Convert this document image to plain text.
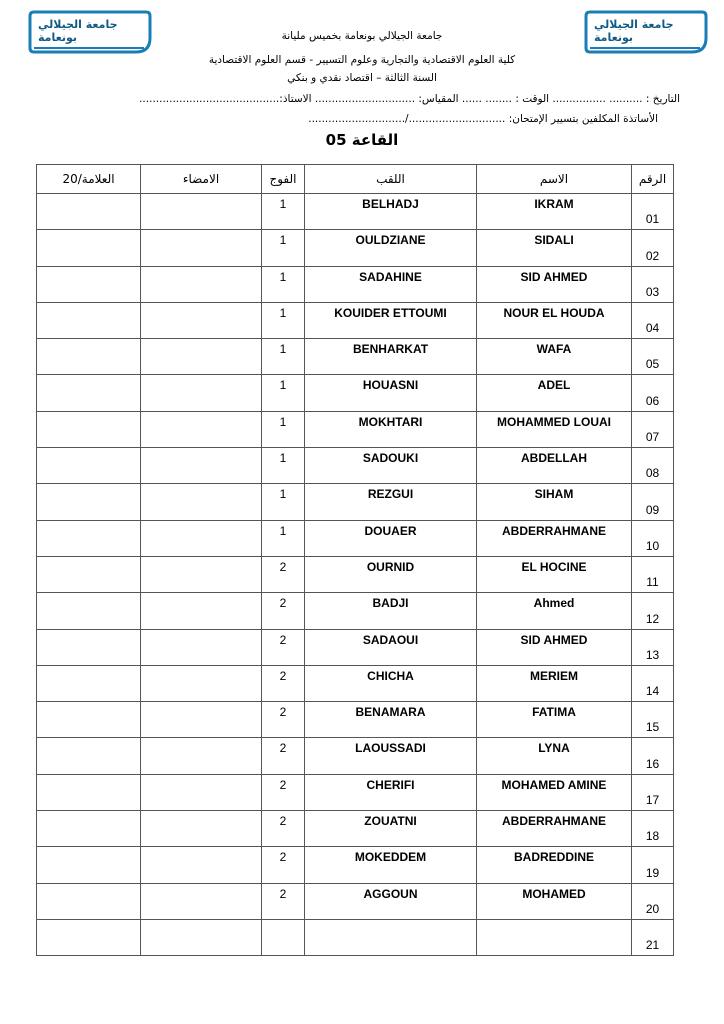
جامعة الجيلالي بونعامة
جامعة الجيلالي بونعامة
جامعة الجيلالي بونعامة بخميس مليانة
كلية العلوم الاقتصادية والتجارية وعلوم التسيير - قسم العلوم الاقتصادية
السنة الثالثة – اقتصاد نقدي و بنكي
التاريخ : .......... ................ الوقت : ........ ...... المقياس: .............................. الاستاذ:..........................................
الأساتذة المكلفين بتسيير الإمتحان: ............................./.............................
القاعة 05
الرقم	الاسم	اللقب	الفوج	الامضاء	العلامة/20
01	IKRAM	BELHADJ	1		
02	SIDALI	OULDZIANE	1		
03	SID AHMED	SADAHINE	1		
04	NOUR EL HOUDA	KOUIDER ETTOUMI	1		
05	WAFA	BENHARKAT	1		
06	ADEL	HOUASNI	1		
07	MOHAMMED LOUAI	MOKHTARI	1		
08	ABDELLAH	SADOUKI	1		
09	SIHAM	REZGUI	1		
10	ABDERRAHMANE	DOUAER	1		
11	EL HOCINE	OURNID	2		
12	Ahmed	BADJI	2		
13	SID AHMED	SADAOUI	2		
14	MERIEM	CHICHA	2		
15	FATIMA	BENAMARA	2		
16	LYNA	LAOUSSADI	2		
17	MOHAMED AMINE	CHERIFI	2		
18	ABDERRAHMANE	ZOUATNI	2		
19	BADREDDINE	MOKEDDEM	2		
20	MOHAMED	AGGOUN	2		
21					
